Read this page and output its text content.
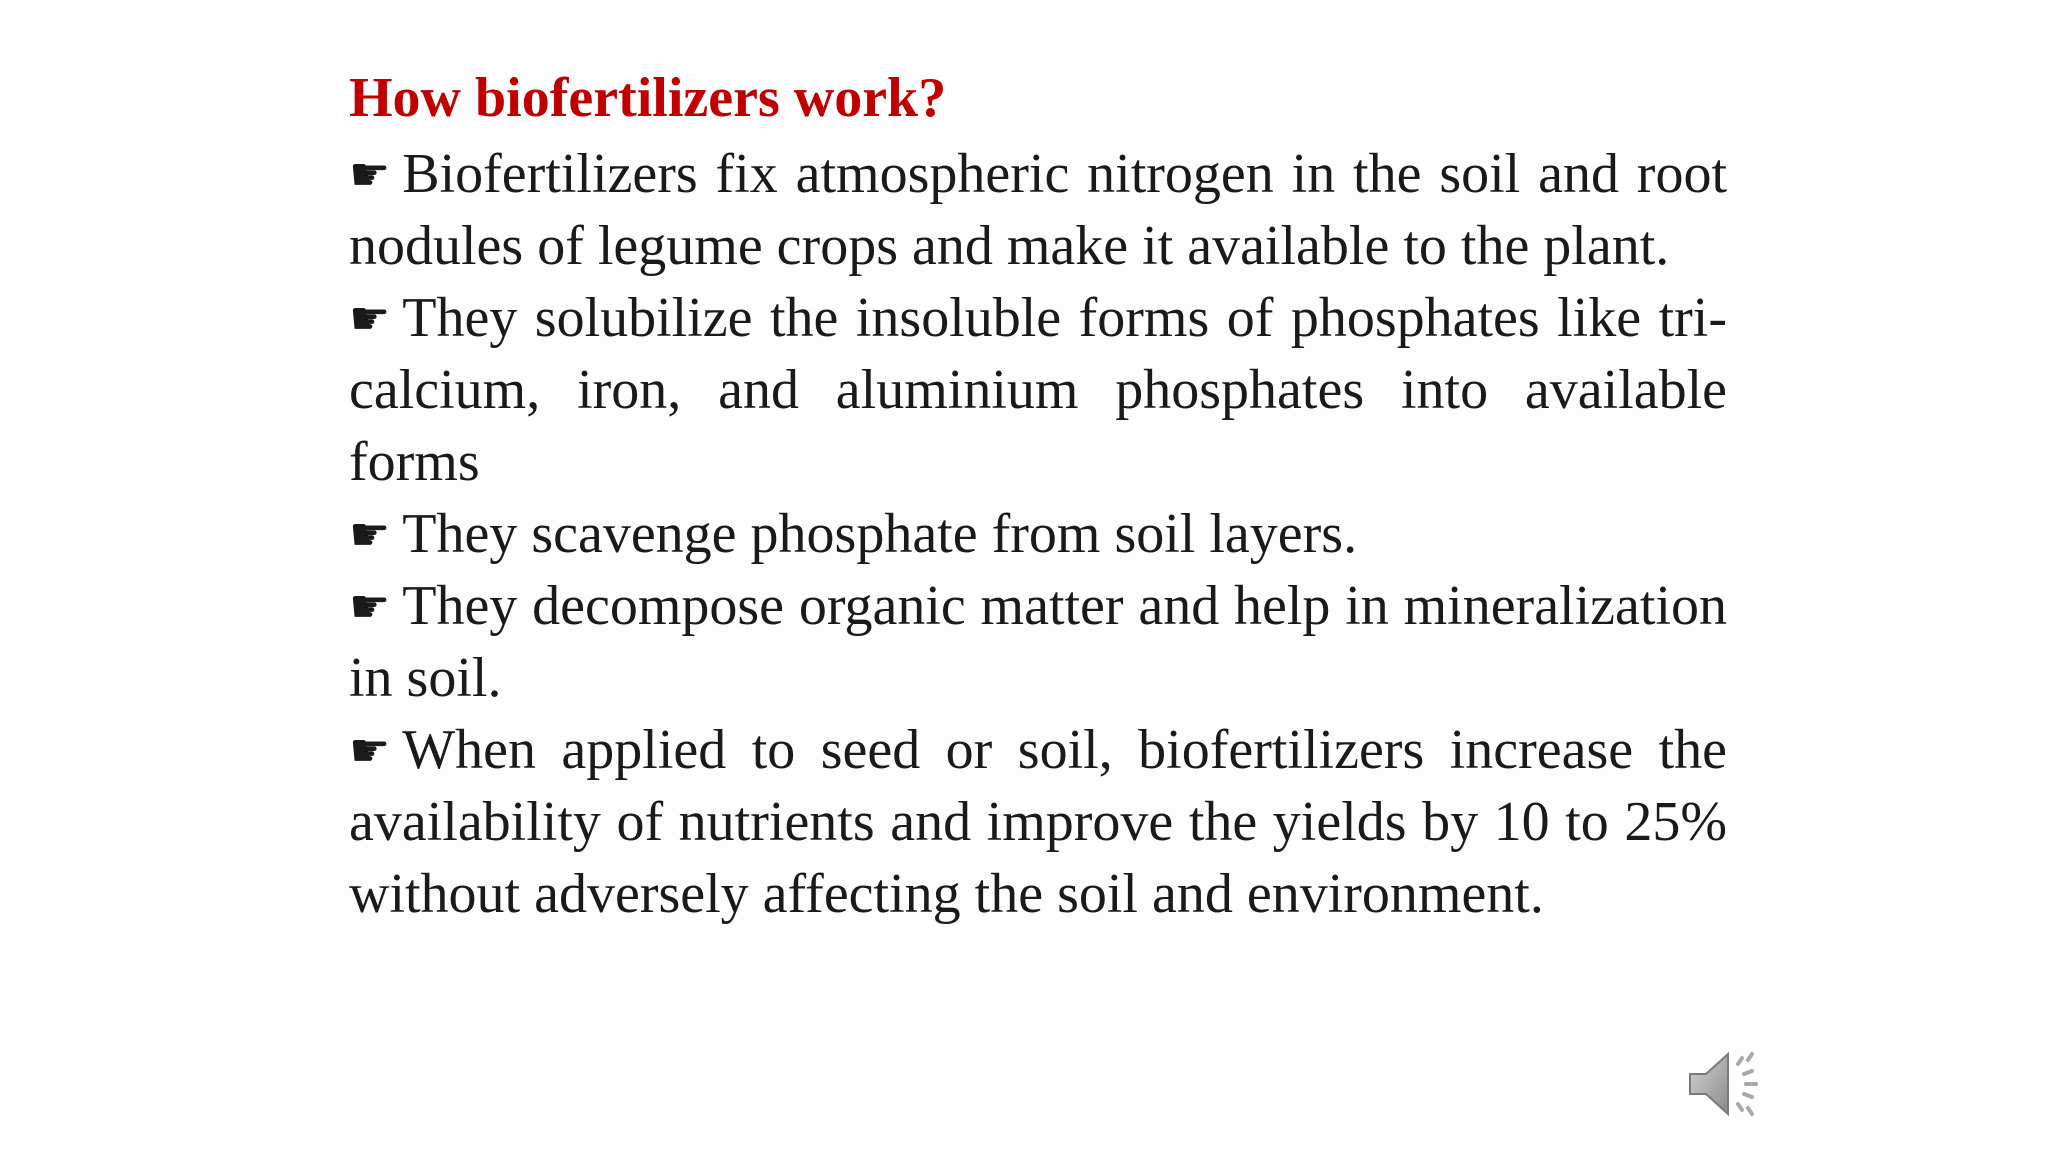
How biofertilizers work?

☛ Biofertilizers fix atmospheric nitrogen in the soil and root nodules of legume crops and make it available to the plant.

☛ They solubilize the insoluble forms of phosphates like tri-calcium, iron, and aluminium phosphates into available forms

☛ They scavenge phosphate from soil layers.

☛ They decompose organic matter and help in mineralization in soil.

☛ When applied to seed or soil, biofertilizers increase the availability of nutrients and improve the yields by 10 to 25% without adversely affecting the soil and environment.
